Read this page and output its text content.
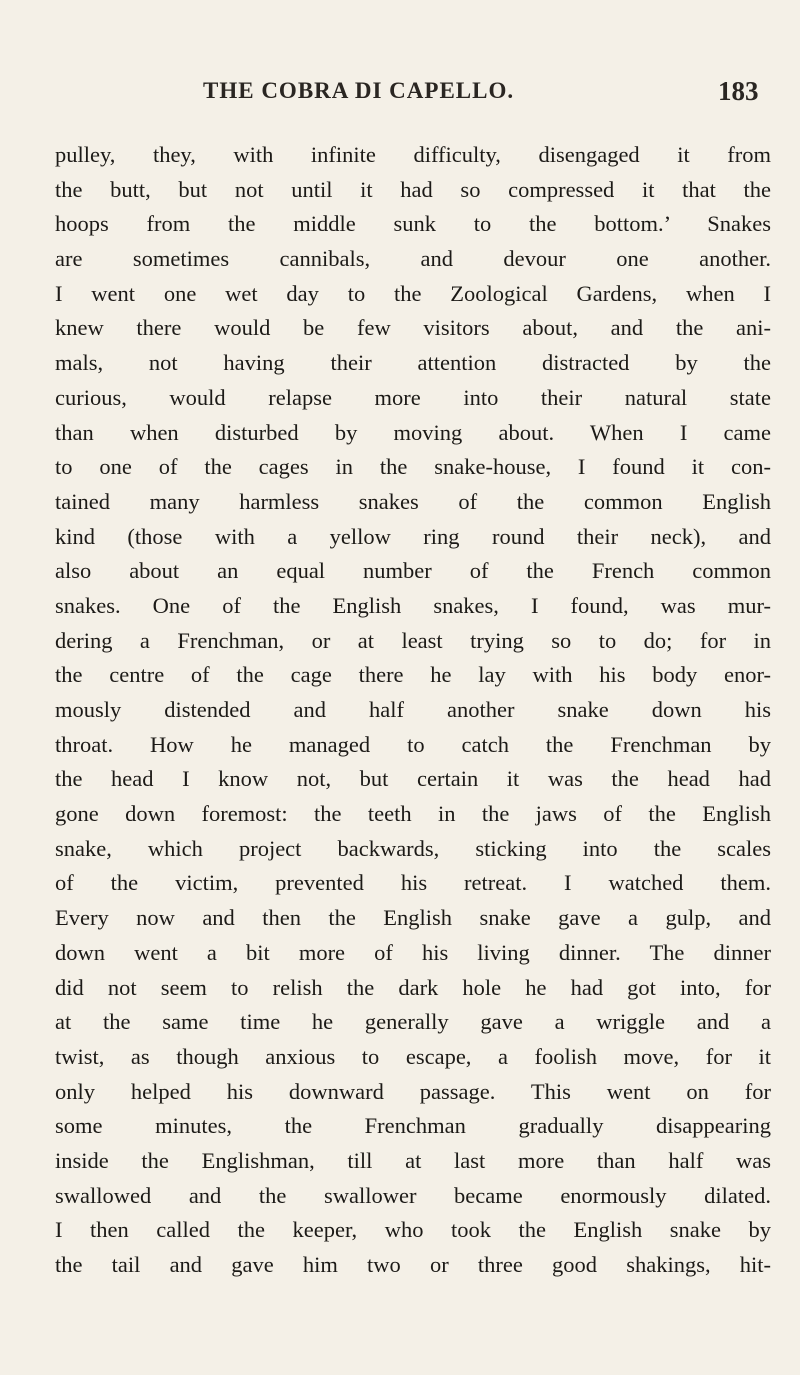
THE COBRA DI CAPELLO.	183
pulley, they, with infinite difficulty, disengaged it from
the butt, but not until it had so compressed it that the
hoops from the middle sunk to the bottom.’ Snakes
are sometimes cannibals, and devour one another.
I went one wet day to the Zoological Gardens, when I
knew there would be few visitors about, and the ani-
mals, not having their attention distracted by the
curious, would relapse more into their natural state
than when disturbed by moving about. When I came
to one of the cages in the snake-house, I found it con-
tained many harmless snakes of the common English
kind (those with a yellow ring round their neck), and
also about an equal number of the French common
snakes. One of the English snakes, I found, was mur-
dering a Frenchman, or at least trying so to do; for in
the centre of the cage there he lay with his body enor-
mously distended and half another snake down his
throat. How he managed to catch the Frenchman by
the head I know not, but certain it was the head had
gone down foremost: the teeth in the jaws of the English
snake, which project backwards, sticking into the scales
of the victim, prevented his retreat. I watched them.
Every now and then the English snake gave a gulp, and
down went a bit more of his living dinner. The dinner
did not seem to relish the dark hole he had got into, for
at the same time he generally gave a wriggle and a
twist, as though anxious to escape, a foolish move, for it
only helped his downward passage. This went on for
some minutes, the Frenchman gradually disappearing
inside the Englishman, till at last more than half was
swallowed and the swallower became enormously dilated.
I then called the keeper, who took the English snake by
the tail and gave him two or three good shakings, hit-
